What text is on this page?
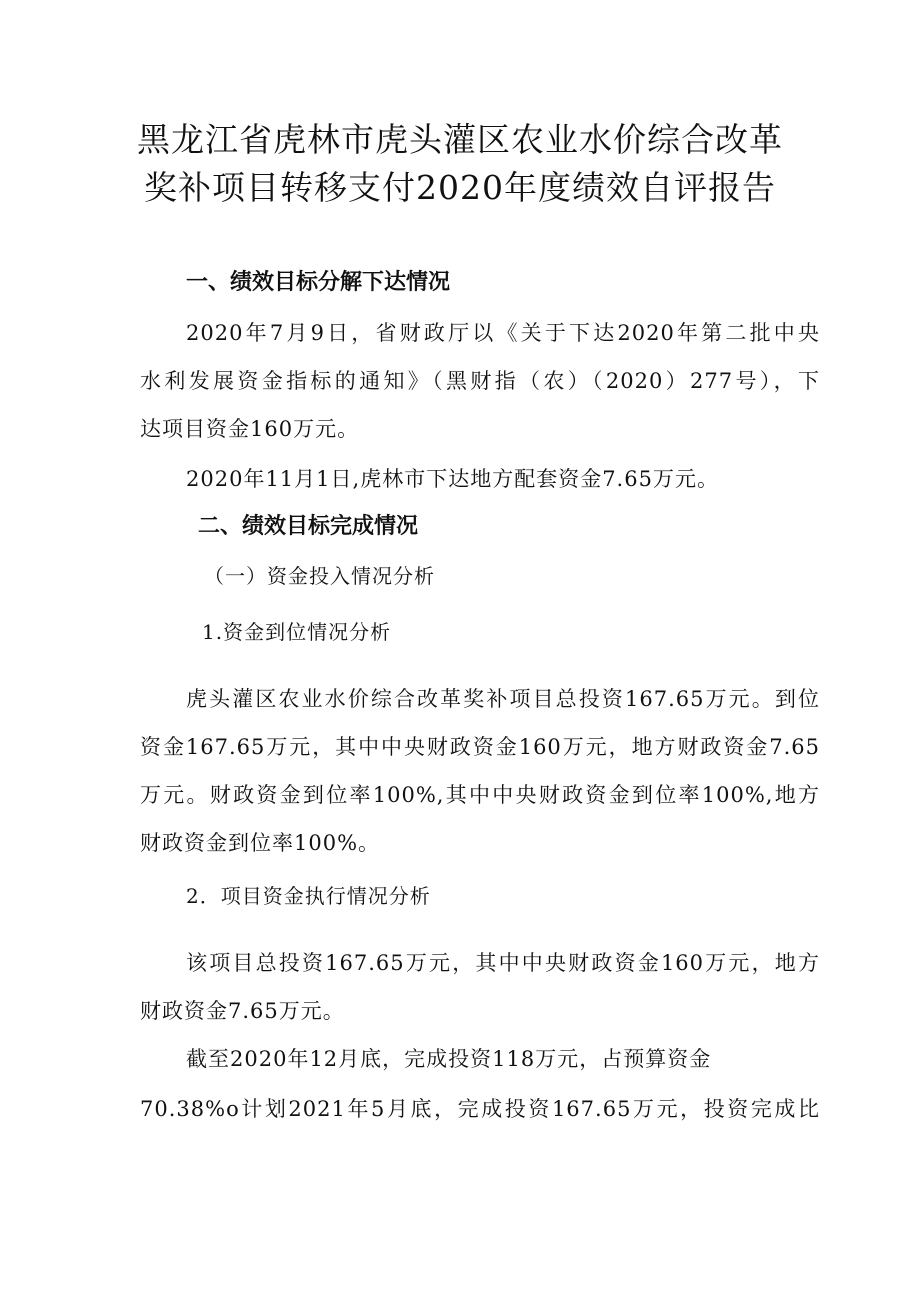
黑龙江省虎林市虎头灌区农业水价综合改革
奖补项目转移支付2020年度绩效自评报告
一、绩效目标分解下达情况
2020年7月9日，省财政厅以《关于下达2020年第二批中央
水利发展资金指标的通知》（黑财指（农）（2020）277号），下
达项目资金160万元。
2020年11月1日,虎林市下达地方配套资金7.65万元。
二、绩效目标完成情况
（一）资金投入情况分析
1.资金到位情况分析
虎头灌区农业水价综合改革奖补项目总投资167.65万元。到位
资金167.65万元，其中中央财政资金160万元，地方财政资金7.65
万元。财政资金到位率100%,其中中央财政资金到位率100%,地方
财政资金到位率100%。
2．项目资金执行情况分析
该项目总投资167.65万元，其中中央财政资金160万元，地方
财政资金7.65万元。
截至2020年12月底，完成投资118万元，占预算资金
70.38%o计划2021年5月底，完成投资167.65万元，投资完成比
